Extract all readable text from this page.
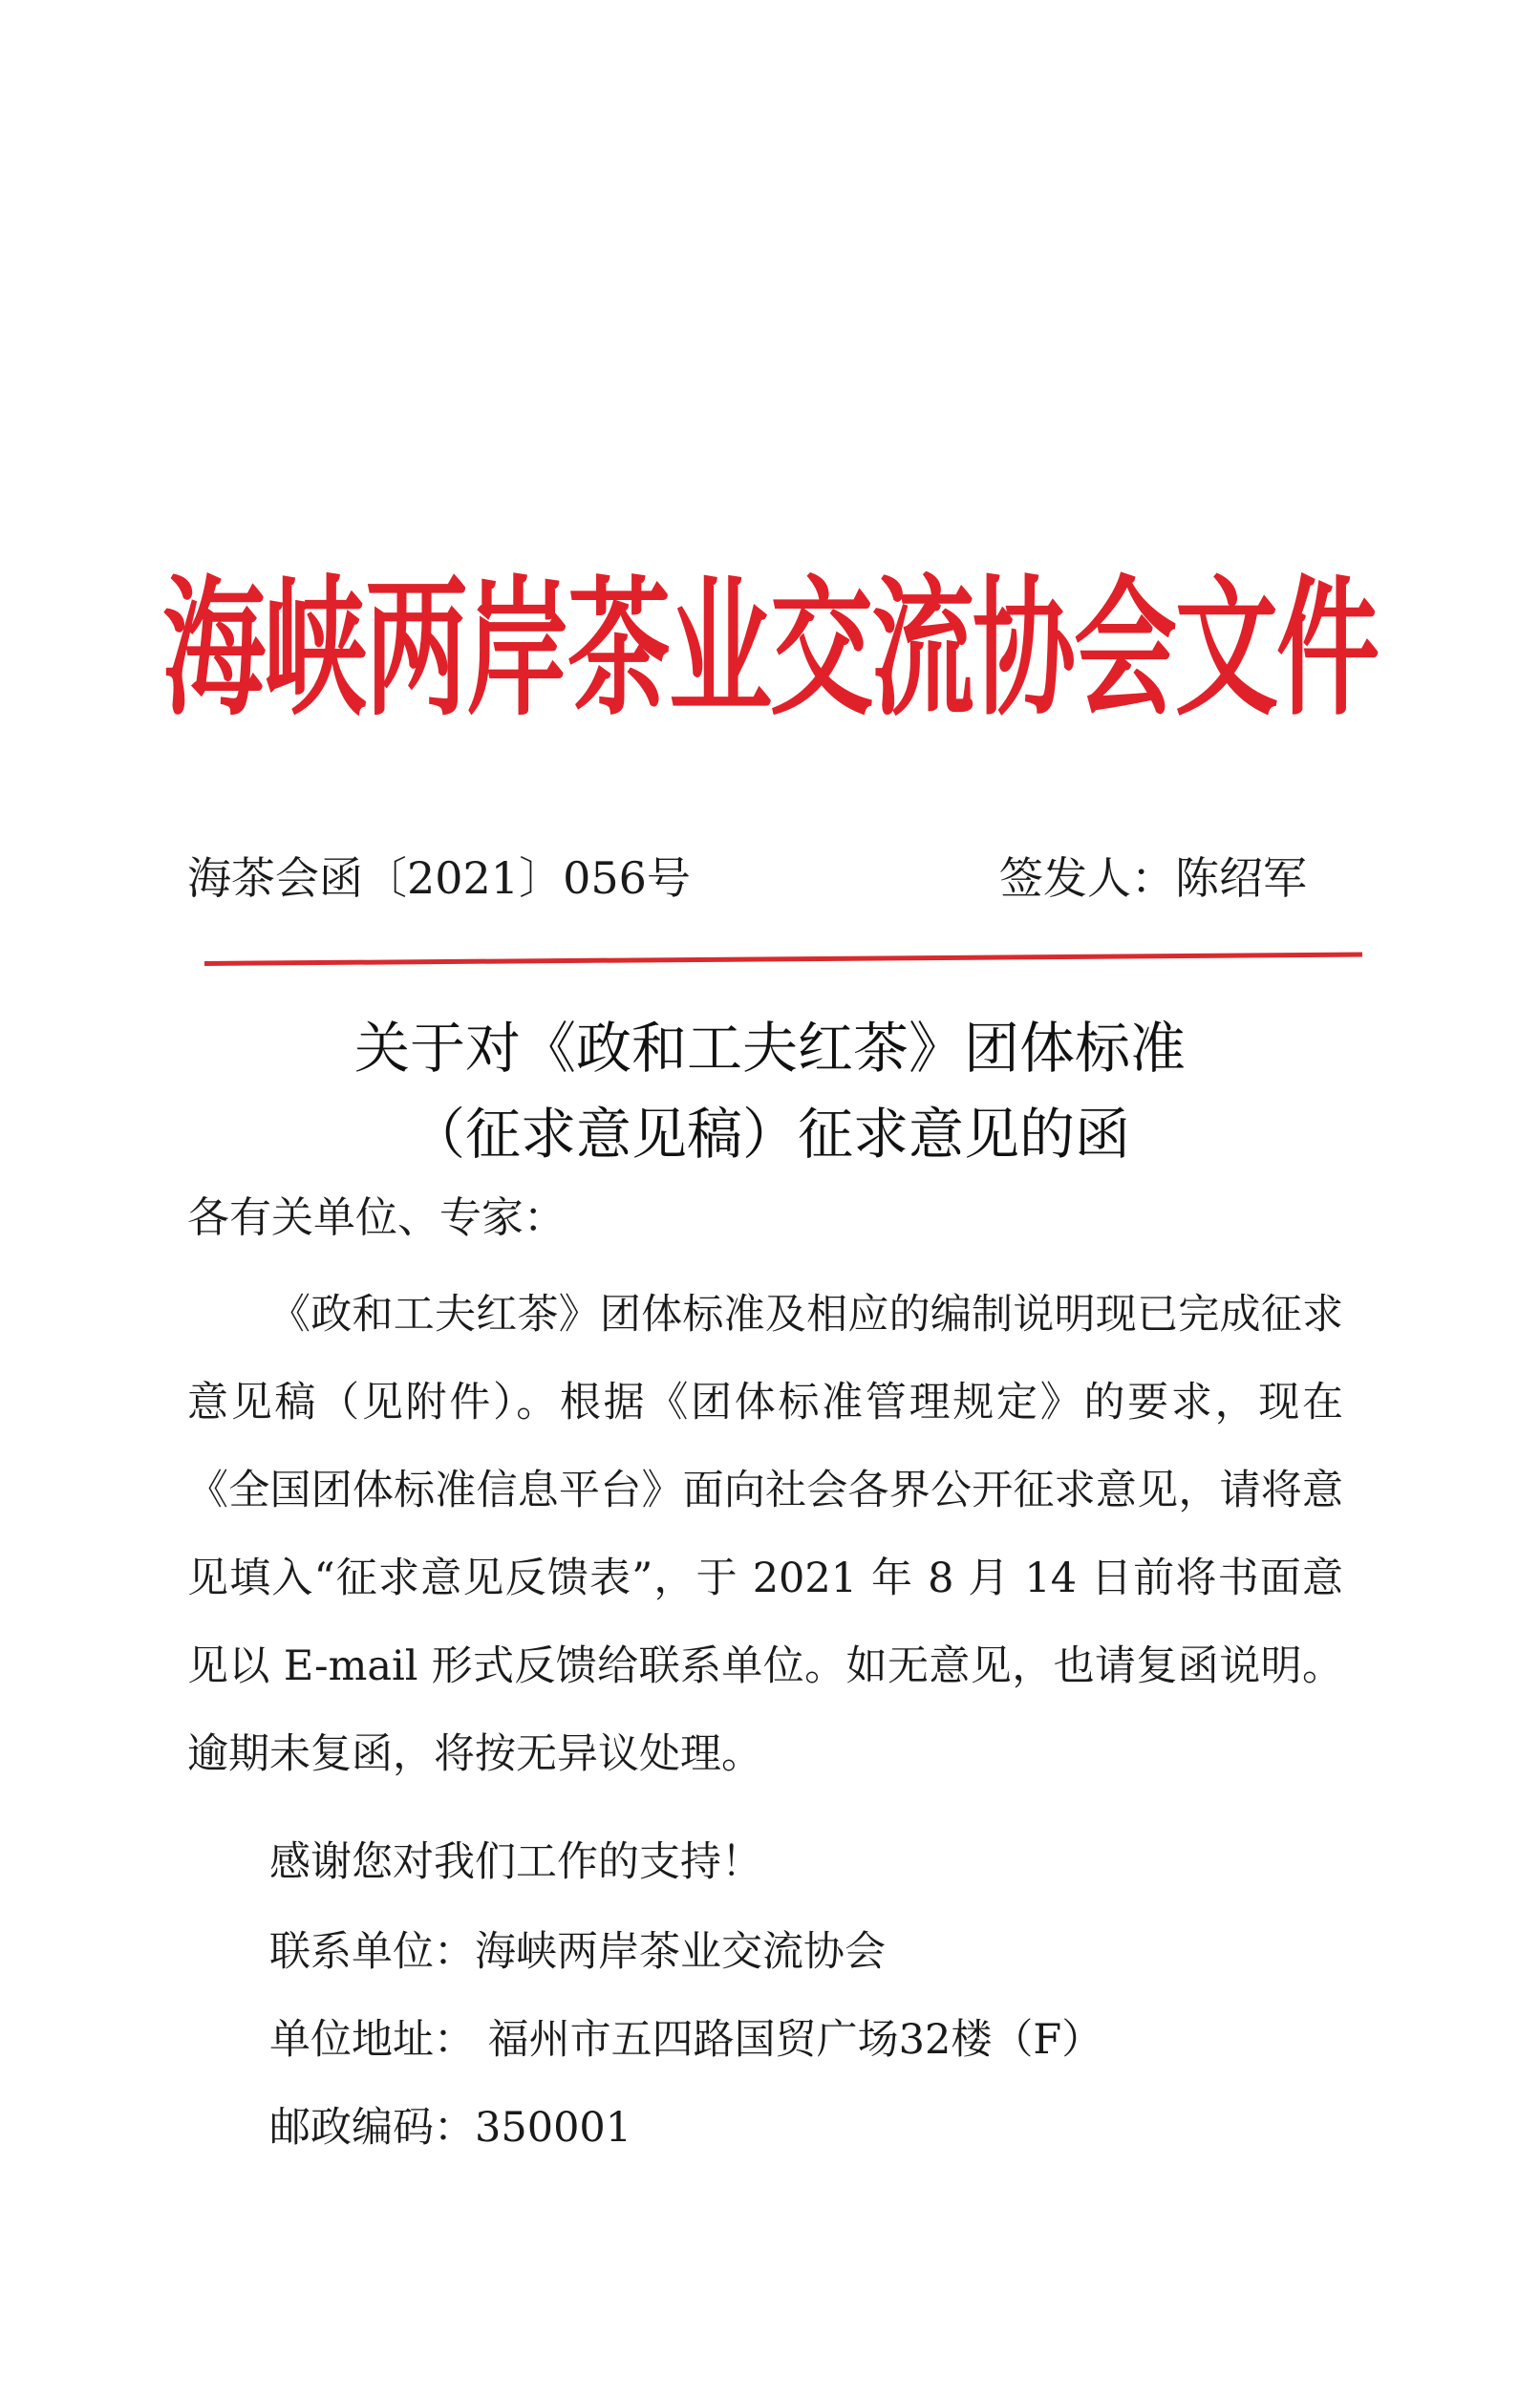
海峡两岸茶业交流协会文件
海茶会函〔2021〕056号	签发人：陈绍军
关于对《政和工夫红茶》团体标准
（征求意见稿）征求意见的函
各有关单位、专家：
《政和工夫红茶》团体标准及相应的编制说明现已完成征求意见稿（见附件）。根据《团体标准管理规定》的要求，现在《全国团体标准信息平台》面向社会各界公开征求意见，请将意见填入“征求意见反馈表”，于 2021 年 8 月 14 日前将书面意见以 E-mail 形式反馈给联系单位。如无意见，也请复函说明。逾期未复函，将按无异议处理。
感谢您对我们工作的支持！
联系单位：海峡两岸茶业交流协会
单位地址： 福州市五四路国贸广场32楼（F）
邮政编码：350001
